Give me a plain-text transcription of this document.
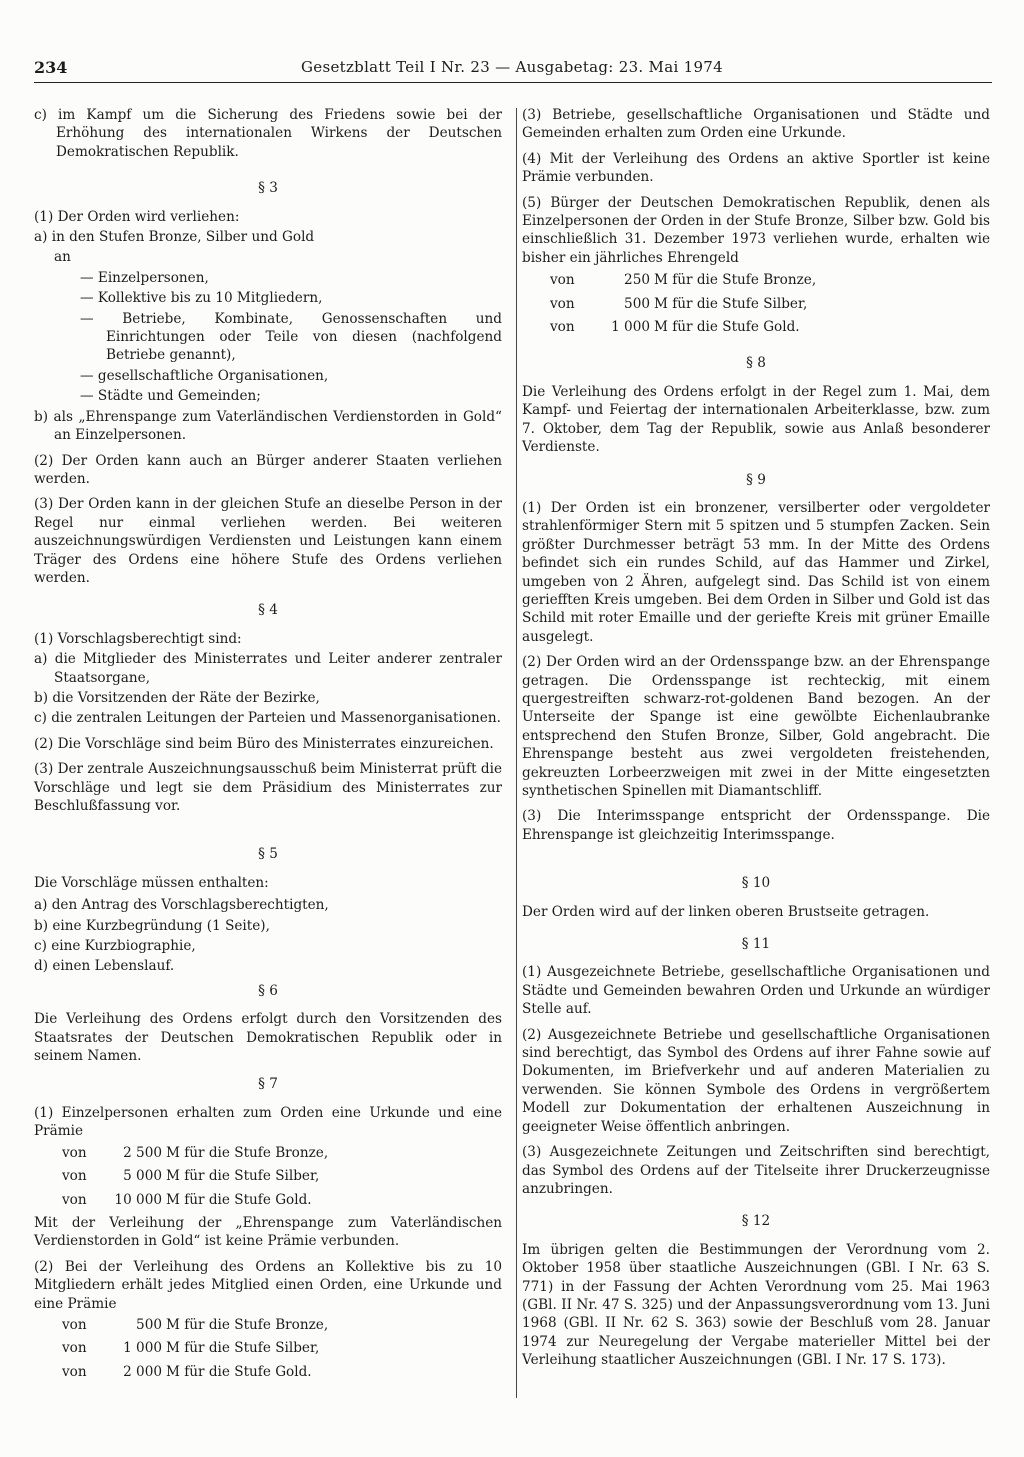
234	Gesetzblatt Teil I Nr. 23 — Ausgabetag: 23. Mai 1974

c) im Kampf um die Sicherung des Friedens sowie bei der Erhöhung des internationalen Wirkens der Deutschen Demokratischen Republik.

§ 3

(1) Der Orden wird verliehen:

a) in den Stufen Bronze, Silber und Gold

an

— Einzelpersonen,

— Kollektive bis zu 10 Mitgliedern,

— Betriebe, Kombinate, Genossenschaften und Einrichtungen oder Teile von diesen (nachfolgend Betriebe genannt),

— gesellschaftliche Organisationen,

— Städte und Gemeinden;

b) als „Ehrenspange zum Vaterländischen Verdienstorden in Gold“ an Einzelpersonen.

(2) Der Orden kann auch an Bürger anderer Staaten verliehen werden.

(3) Der Orden kann in der gleichen Stufe an dieselbe Person in der Regel nur einmal verliehen werden. Bei weiteren auszeichnungswürdigen Verdiensten und Leistungen kann einem Träger des Ordens eine höhere Stufe des Ordens verliehen werden.

§ 4

(1) Vorschlagsberechtigt sind:

a) die Mitglieder des Ministerrates und Leiter anderer zentraler Staatsorgane,

b) die Vorsitzenden der Räte der Bezirke,

c) die zentralen Leitungen der Parteien und Massenorganisationen.

(2) Die Vorschläge sind beim Büro des Ministerrates einzureichen.

(3) Der zentrale Auszeichnungsausschuß beim Ministerrat prüft die Vorschläge und legt sie dem Präsidium des Ministerrates zur Beschlußfassung vor.

§ 5

Die Vorschläge müssen enthalten:

a) den Antrag des Vorschlagsberechtigten,

b) eine Kurzbegründung (1 Seite),

c) eine Kurzbiographie,

d) einen Lebenslauf.

§ 6

Die Verleihung des Ordens erfolgt durch den Vorsitzenden des Staatsrates der Deutschen Demokratischen Republik oder in seinem Namen.

§ 7

(1) Einzelpersonen erhalten zum Orden eine Urkunde und eine Prämie

von	2 500 M für die Stufe Bronze,
von	5 000 M für die Stufe Silber,
von	10 000 M für die Stufe Gold.

Mit der Verleihung der „Ehrenspange zum Vaterländischen Verdienstorden in Gold“ ist keine Prämie verbunden.

(2) Bei der Verleihung des Ordens an Kollektive bis zu 10 Mitgliedern erhält jedes Mitglied einen Orden, eine Urkunde und eine Prämie

von	500 M für die Stufe Bronze,
von	1 000 M für die Stufe Silber,
von	2 000 M für die Stufe Gold.

(3) Betriebe, gesellschaftliche Organisationen und Städte und Gemeinden erhalten zum Orden eine Urkunde.

(4) Mit der Verleihung des Ordens an aktive Sportler ist keine Prämie verbunden.

(5) Bürger der Deutschen Demokratischen Republik, denen als Einzelpersonen der Orden in der Stufe Bronze, Silber bzw. Gold bis einschließlich 31. Dezember 1973 verliehen wurde, erhalten wie bisher ein jährliches Ehrengeld

von	250 M für die Stufe Bronze,
von	500 M für die Stufe Silber,
von	1 000 M für die Stufe Gold.
§ 8

Die Verleihung des Ordens erfolgt in der Regel zum 1. Mai, dem Kampf- und Feiertag der internationalen Arbeiterklasse, bzw. zum 7. Oktober, dem Tag der Republik, sowie aus Anlaß besonderer Verdienste.

§ 9

(1) Der Orden ist ein bronzener, versilberter oder vergoldeter strahlenförmiger Stern mit 5 spitzen und 5 stumpfen Zacken. Sein größter Durchmesser beträgt 53 mm. In der Mitte des Ordens befindet sich ein rundes Schild, auf das Hammer und Zirkel, umgeben von 2 Ähren, aufgelegt sind. Das Schild ist von einem geriefften Kreis umgeben. Bei dem Orden in Silber und Gold ist das Schild mit roter Emaille und der geriefte Kreis mit grüner Emaille ausgelegt.

(2) Der Orden wird an der Ordensspange bzw. an der Ehrenspange getragen. Die Ordensspange ist rechteckig, mit einem quergestreiften schwarz-rot-goldenen Band bezogen. An der Unterseite der Spange ist eine gewölbte Eichenlaubranke entsprechend den Stufen Bronze, Silber, Gold angebracht. Die Ehrenspange besteht aus zwei vergoldeten freistehenden, gekreuzten Lorbeerzweigen mit zwei in der Mitte eingesetzten synthetischen Spinellen mit Diamantschliff.

(3) Die Interimsspange entspricht der Ordensspange. Die Ehrenspange ist gleichzeitig Interimsspange.

§ 10

Der Orden wird auf der linken oberen Brustseite getragen.

§ 11

(1) Ausgezeichnete Betriebe, gesellschaftliche Organisationen und Städte und Gemeinden bewahren Orden und Urkunde an würdiger Stelle auf.

(2) Ausgezeichnete Betriebe und gesellschaftliche Organisationen sind berechtigt, das Symbol des Ordens auf ihrer Fahne sowie auf Dokumenten, im Briefverkehr und auf anderen Materialien zu verwenden. Sie können Symbole des Ordens in vergrößertem Modell zur Dokumentation der erhaltenen Auszeichnung in geeigneter Weise öffentlich anbringen.

(3) Ausgezeichnete Zeitungen und Zeitschriften sind berechtigt, das Symbol des Ordens auf der Titelseite ihrer Druckerzeugnisse anzubringen.

§ 12

Im übrigen gelten die Bestimmungen der Verordnung vom 2. Oktober 1958 über staatliche Auszeichnungen (GBl. I Nr. 63 S. 771) in der Fassung der Achten Verordnung vom 25. Mai 1963 (GBl. II Nr. 47 S. 325) und der Anpassungsverordnung vom 13. Juni 1968 (GBl. II Nr. 62 S. 363) sowie der Beschluß vom 28. Januar 1974 zur Neuregelung der Vergabe materieller Mittel bei der Verleihung staatlicher Auszeichnungen (GBl. I Nr. 17 S. 173).
